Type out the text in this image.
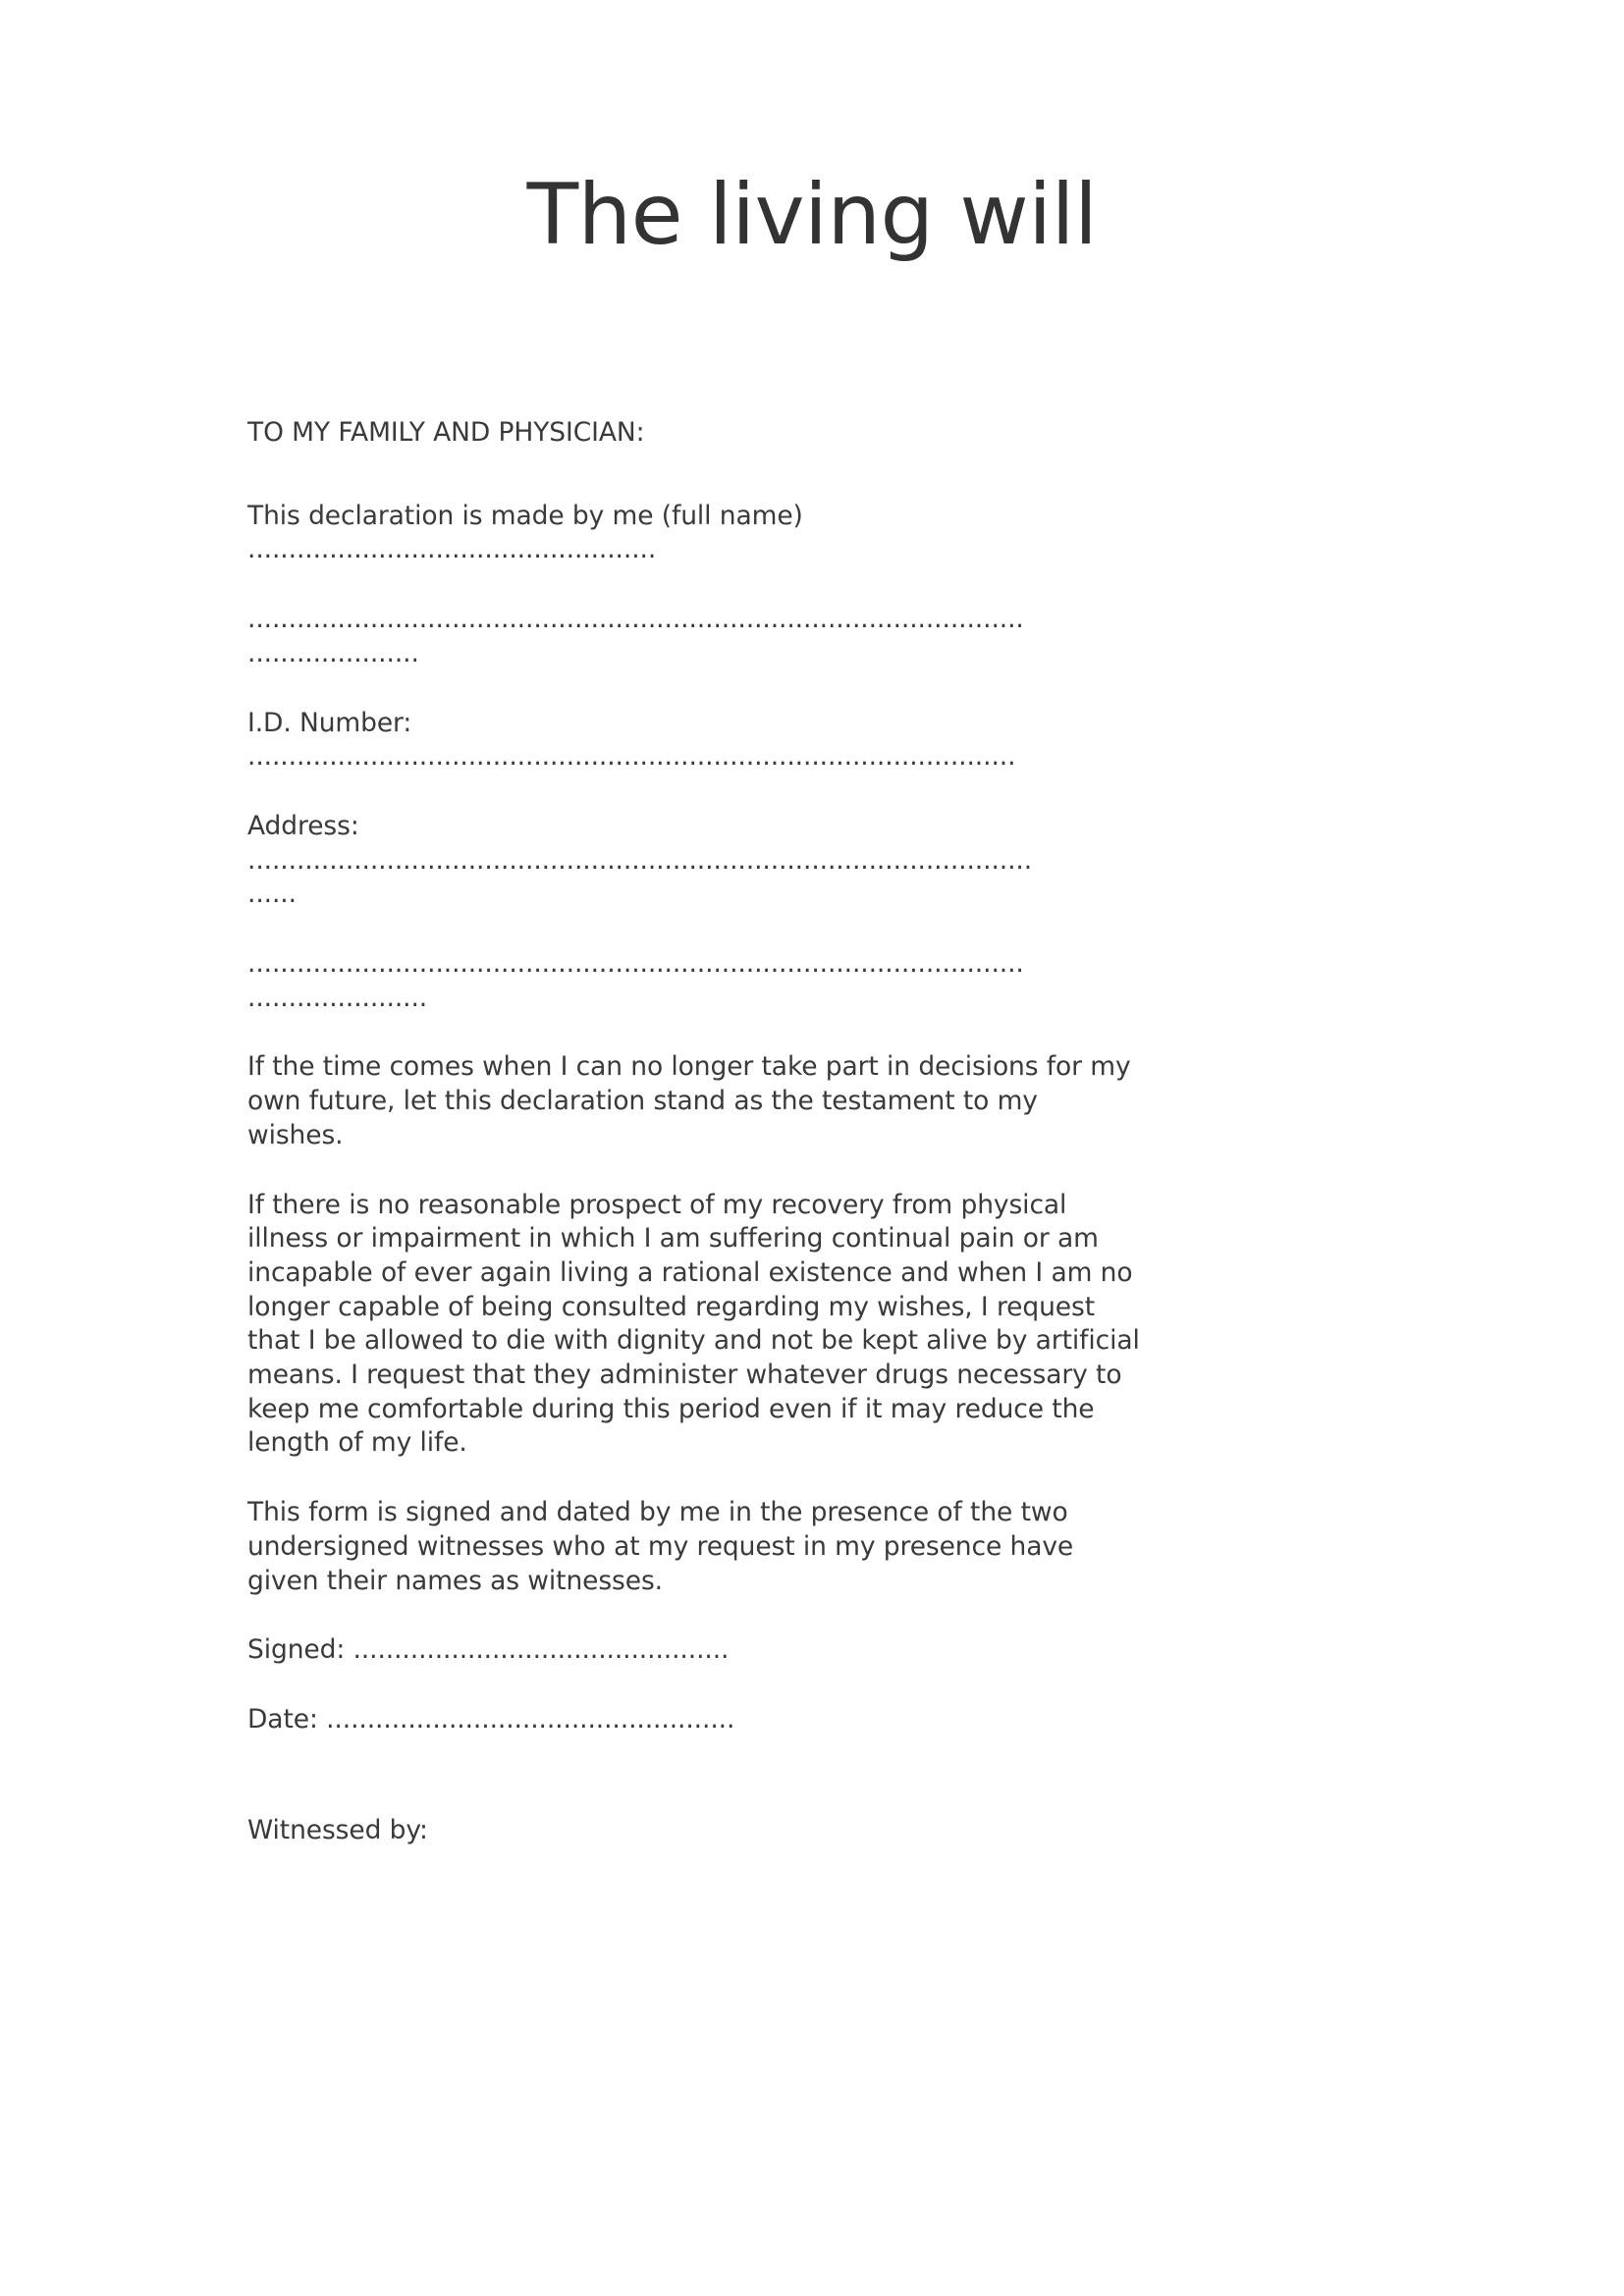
The living will
TO MY FAMILY AND PHYSICIAN:
This declaration is made by me (full name)
..................................................
...............................................................................................
.....................
I.D. Number:
..............................................................................................
Address:
................................................................................................
......
...............................................................................................
......................
If the time comes when I can no longer take part in decisions for my
own future, let this declaration stand as the testament to my
wishes.
If there is no reasonable prospect of my recovery from physical
illness or impairment in which I am suffering continual pain or am
incapable of ever again living a rational existence and when I am no
longer capable of being consulted regarding my wishes, I request
that I be allowed to die with dignity and not be kept alive by artificial
means. I request that they administer whatever drugs necessary to
keep me comfortable during this period even if it may reduce the
length of my life.
This form is signed and dated by me in the presence of the two
undersigned witnesses who at my request in my presence have
given their names as witnesses.
Signed: ..............................................
Date: ..................................................
Witnessed by:
